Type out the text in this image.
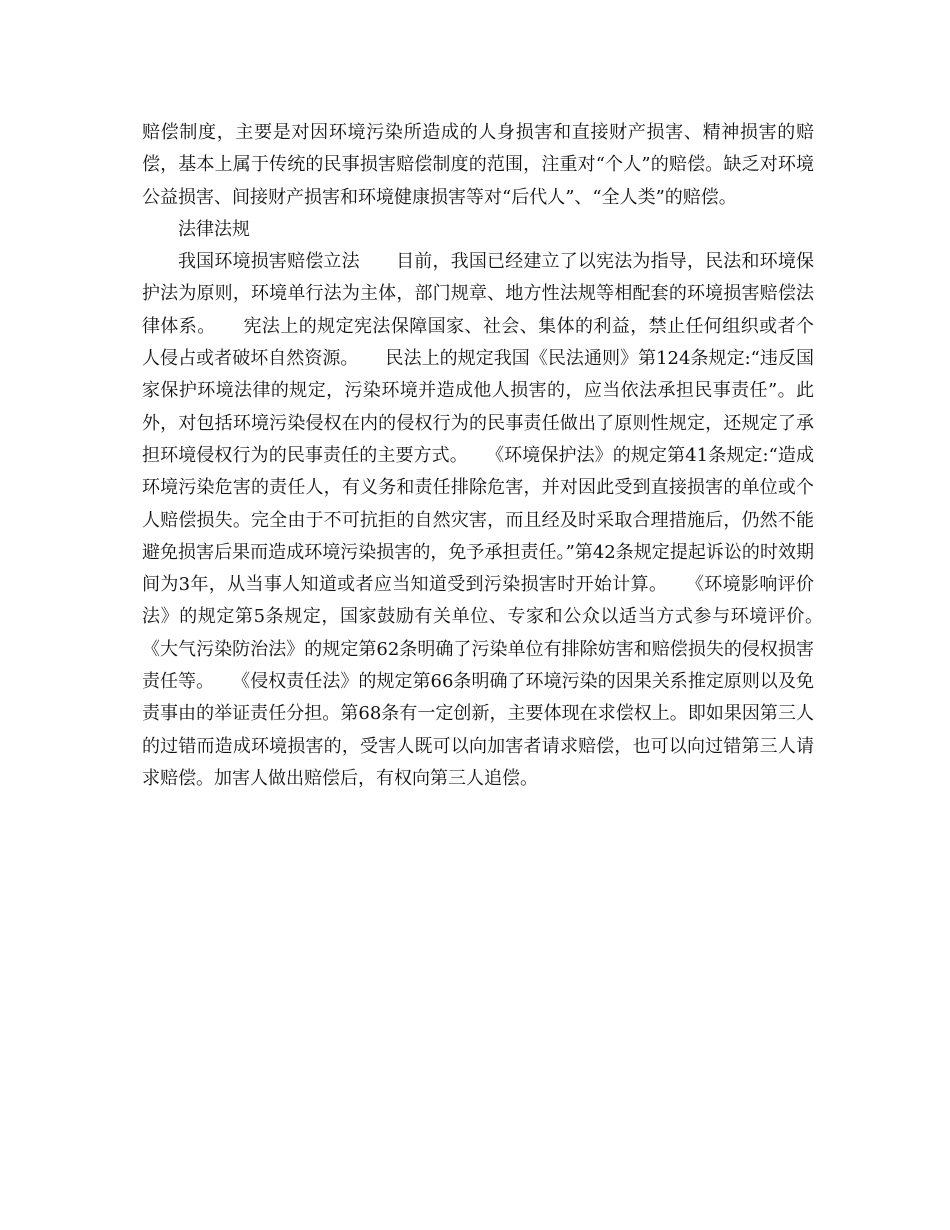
赔偿制度，主要是对因环境污染所造成的人身损害和直接财产损害、精神损害的赔偿，基本上属于传统的民事损害赔偿制度的范围，注重对“个人”的赔偿。缺乏对环境公益损害、间接财产损害和环境健康损害等对“后代人”、“全人类”的赔偿。

法律法规

我国环境损害赔偿立法　　目前，我国已经建立了以宪法为指导，民法和环境保护法为原则，环境单行法为主体，部门规章、地方性法规等相配套的环境损害赔偿法律体系。　　宪法上的规定宪法保障国家、社会、集体的利益，禁止任何组织或者个人侵占或者破坏自然资源。　　民法上的规定我国《民法通则》第124条规定:“违反国家保护环境法律的规定，污染环境并造成他人损害的，应当依法承担民事责任”。此外，对包括环境污染侵权在内的侵权行为的民事责任做出了原则性规定，还规定了承担环境侵权行为的民事责任的主要方式。　　《环境保护法》的规定第41条规定:“造成环境污染危害的责任人，有义务和责任排除危害，并对因此受到直接损害的单位或个人赔偿损失。完全由于不可抗拒的自然灾害，而且经及时采取合理措施后，仍然不能避免损害后果而造成环境污染损害的，免予承担责任。”第42条规定提起诉讼的时效期间为3年，从当事人知道或者应当知道受到污染损害时开始计算。　　《环境影响评价法》的规定第5条规定，国家鼓励有关单位、专家和公众以适当方式参与环境评价。　　《大气污染防治法》的规定第62条明确了污染单位有排除妨害和赔偿损失的侵权损害责任等。　　《侵权责任法》的规定第66条明确了环境污染的因果关系推定原则以及免责事由的举证责任分担。第68条有一定创新，主要体现在求偿权上。即如果因第三人的过错而造成环境损害的，受害人既可以向加害者请求赔偿，也可以向过错第三人请求赔偿。加害人做出赔偿后，有权向第三人追偿。
